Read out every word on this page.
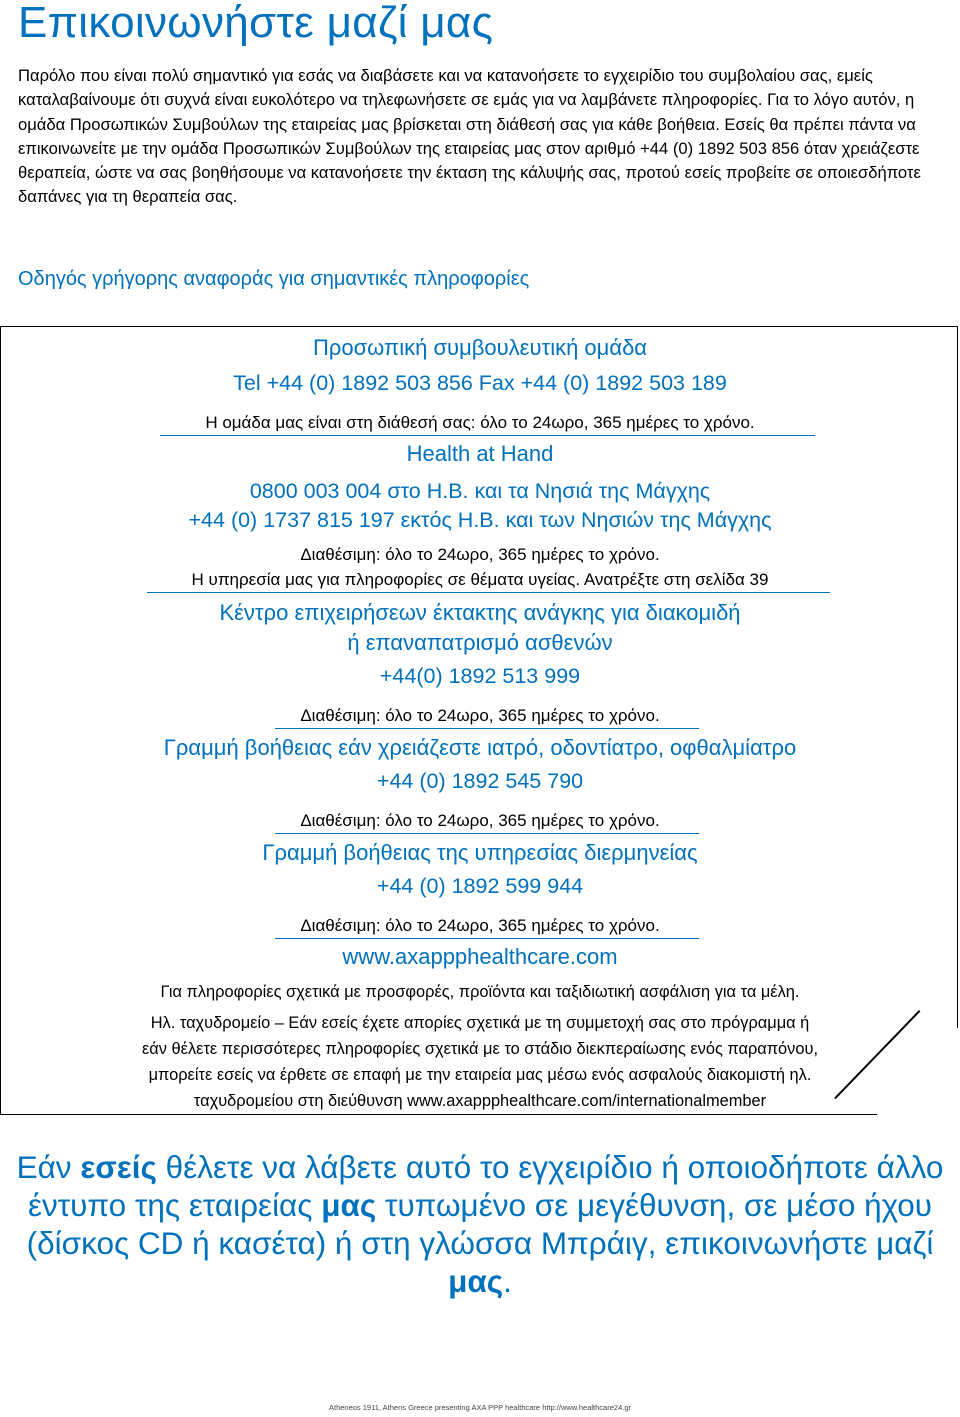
Επικοινωνήστε μαζί μας

Παρόλο που είναι πολύ σημαντικό για εσάς να διαβάσετε και να κατανοήσετε το εγχειρίδιο του συμβολαίου σας, εμείς καταλαβαίνουμε ότι συχνά είναι ευκολότερο να τηλεφωνήσετε σε εμάς για να λαμβάνετε πληροφορίες. Για το λόγο αυτόν, η ομάδα Προσωπικών Συμβούλων της εταιρείας μας βρίσκεται στη διάθεσή σας για κάθε βοήθεια. Εσείς θα πρέπει πάντα να επικοινωνείτε με την ομάδα Προσωπικών Συμβούλων της εταιρείας μας στον αριθμό +44 (0) 1892 503 856 όταν χρειάζεστε θεραπεία, ώστε να σας βοηθήσουμε να κατανοήσετε την έκταση της κάλυψής σας, προτού εσείς προβείτε σε οποιεσδήποτε δαπάνες για τη θεραπεία σας.

Οδηγός γρήγορης αναφοράς για σημαντικές πληροφορίες
Προσωπική συμβουλευτική ομάδα
Tel +44 (0) 1892 503 856 Fax +44 (0) 1892 503 189
Η ομάδα μας είναι στη διάθεσή σας: όλο το 24ωρο, 365 ημέρες το χρόνο.
Health at Hand
0800 003 004 στο Η.Β. και τα Νησιά της Μάγχης
+44 (0) 1737 815 197 εκτός Η.Β. και των Νησιών της Μάγχης
Διαθέσιμη: όλο το 24ωρο, 365 ημέρες το χρόνο.
Η υπηρεσία μας για πληροφορίες σε θέματα υγείας. Ανατρέξτε στη σελίδα 39
Κέντρο επιχειρήσεων έκτακτης ανάγκης για διακομιδή
ή επαναπατρισμό ασθενών
+44(0) 1892 513 999
Διαθέσιμη: όλο το 24ωρο, 365 ημέρες το χρόνο.
Γραμμή βοήθειας εάν χρειάζεστε ιατρό, οδοντίατρο, οφθαλμίατρο
+44 (0) 1892 545 790
Διαθέσιμη: όλο το 24ωρο, 365 ημέρες το χρόνο.
Γραμμή βοήθειας της υπηρεσίας διερμηνείας
+44 (0) 1892 599 944
Διαθέσιμη: όλο το 24ωρο, 365 ημέρες το χρόνο.
www.axappphealthcare.com
Για πληροφορίες σχετικά με προσφορές, προϊόντα και ταξιδιωτική ασφάλιση για τα μέλη.
Ηλ. ταχυδρομείο – Εάν εσείς έχετε απορίες σχετικά με τη συμμετοχή σας στο πρόγραμμα ή
εάν θέλετε περισσότερες πληροφορίες σχετικά με το στάδιο διεκπεραίωσης ενός παραπόνου,
μπορείτε εσείς να έρθετε σε επαφή με την εταιρεία μας μέσω ενός ασφαλούς διακομιστή ηλ.
ταχυδρομείου στη διεύθυνση www.axappphealthcare.com/internationalmember

Εάν εσείς θέλετε να λάβετε αυτό το εγχειρίδιο ή οποιοδήποτε άλλο έντυπο της εταιρείας μας τυπωμένο σε μεγέθυνση, σε μέσο ήχου (δίσκος CD ή κασέτα) ή στη γλώσσα Μπράιγ, επικοινωνήστε μαζί μας.

Atheneos 1911, Athens Greece presenting AXA PPP healthcare http://www.healthcare24.gr
